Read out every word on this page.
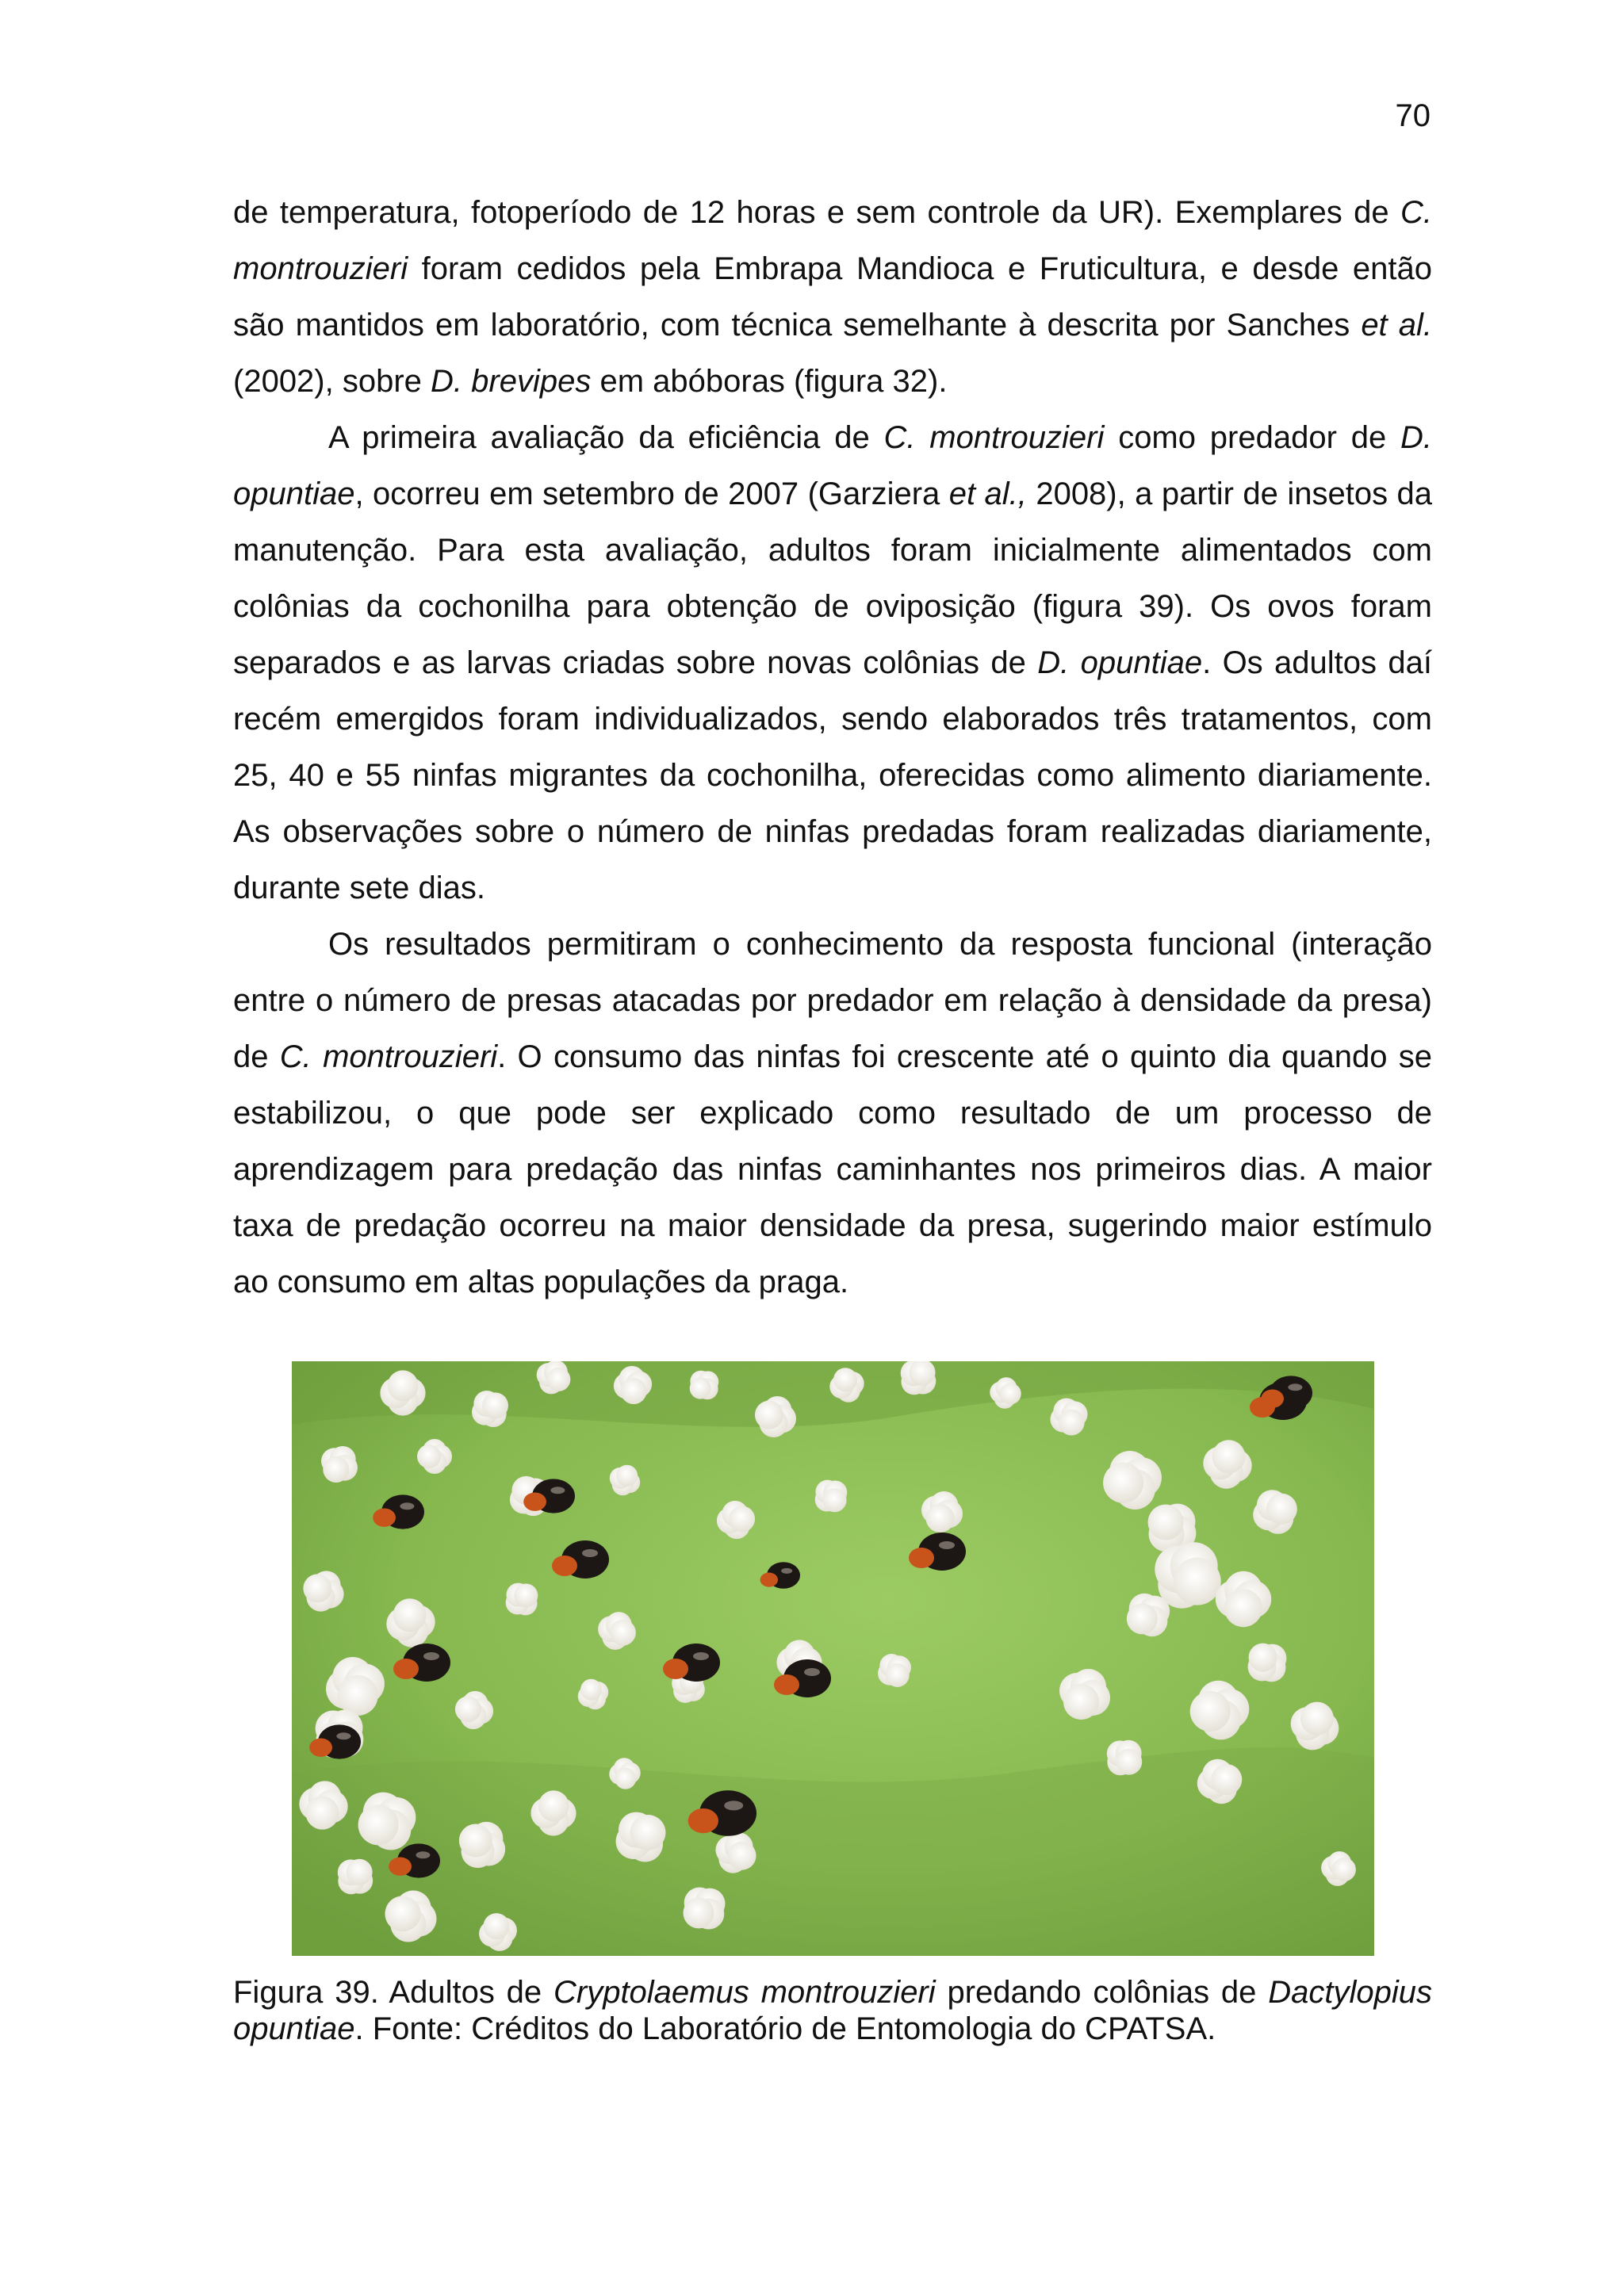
70

de temperatura, fotoperíodo de 12 horas e sem controle da UR). Exemplares de C. montrouzieri foram cedidos pela Embrapa Mandioca e Fruticultura, e desde então são mantidos em laboratório, com técnica semelhante à descrita por Sanches et al. (2002), sobre D. brevipes em abóboras (figura 32).

A primeira avaliação da eficiência de C. montrouzieri como predador de D. opuntiae, ocorreu em setembro de 2007 (Garziera et al., 2008), a partir de insetos da manutenção. Para esta avaliação, adultos foram inicialmente alimentados com colônias da cochonilha para obtenção de oviposição (figura 39). Os ovos foram separados e as larvas criadas sobre novas colônias de D. opuntiae. Os adultos daí recém emergidos foram individualizados, sendo elaborados três tratamentos, com 25, 40 e 55 ninfas migrantes da cochonilha, oferecidas como alimento diariamente. As observações sobre o número de ninfas predadas foram realizadas diariamente, durante sete dias.

Os resultados permitiram o conhecimento da resposta funcional (interação entre o número de presas atacadas por predador em relação à densidade da presa) de C. montrouzieri. O consumo das ninfas foi crescente até o quinto dia quando se estabilizou, o que pode ser explicado como resultado de um processo de aprendizagem para predação das ninfas caminhantes nos primeiros dias. A maior taxa de predação ocorreu na maior densidade da presa, sugerindo maior estímulo ao consumo em altas populações da praga.

Figura 39. Adultos de Cryptolaemus montrouzieri predando colônias de Dactylopius opuntiae. Fonte: Créditos do Laboratório de Entomologia do CPATSA.
